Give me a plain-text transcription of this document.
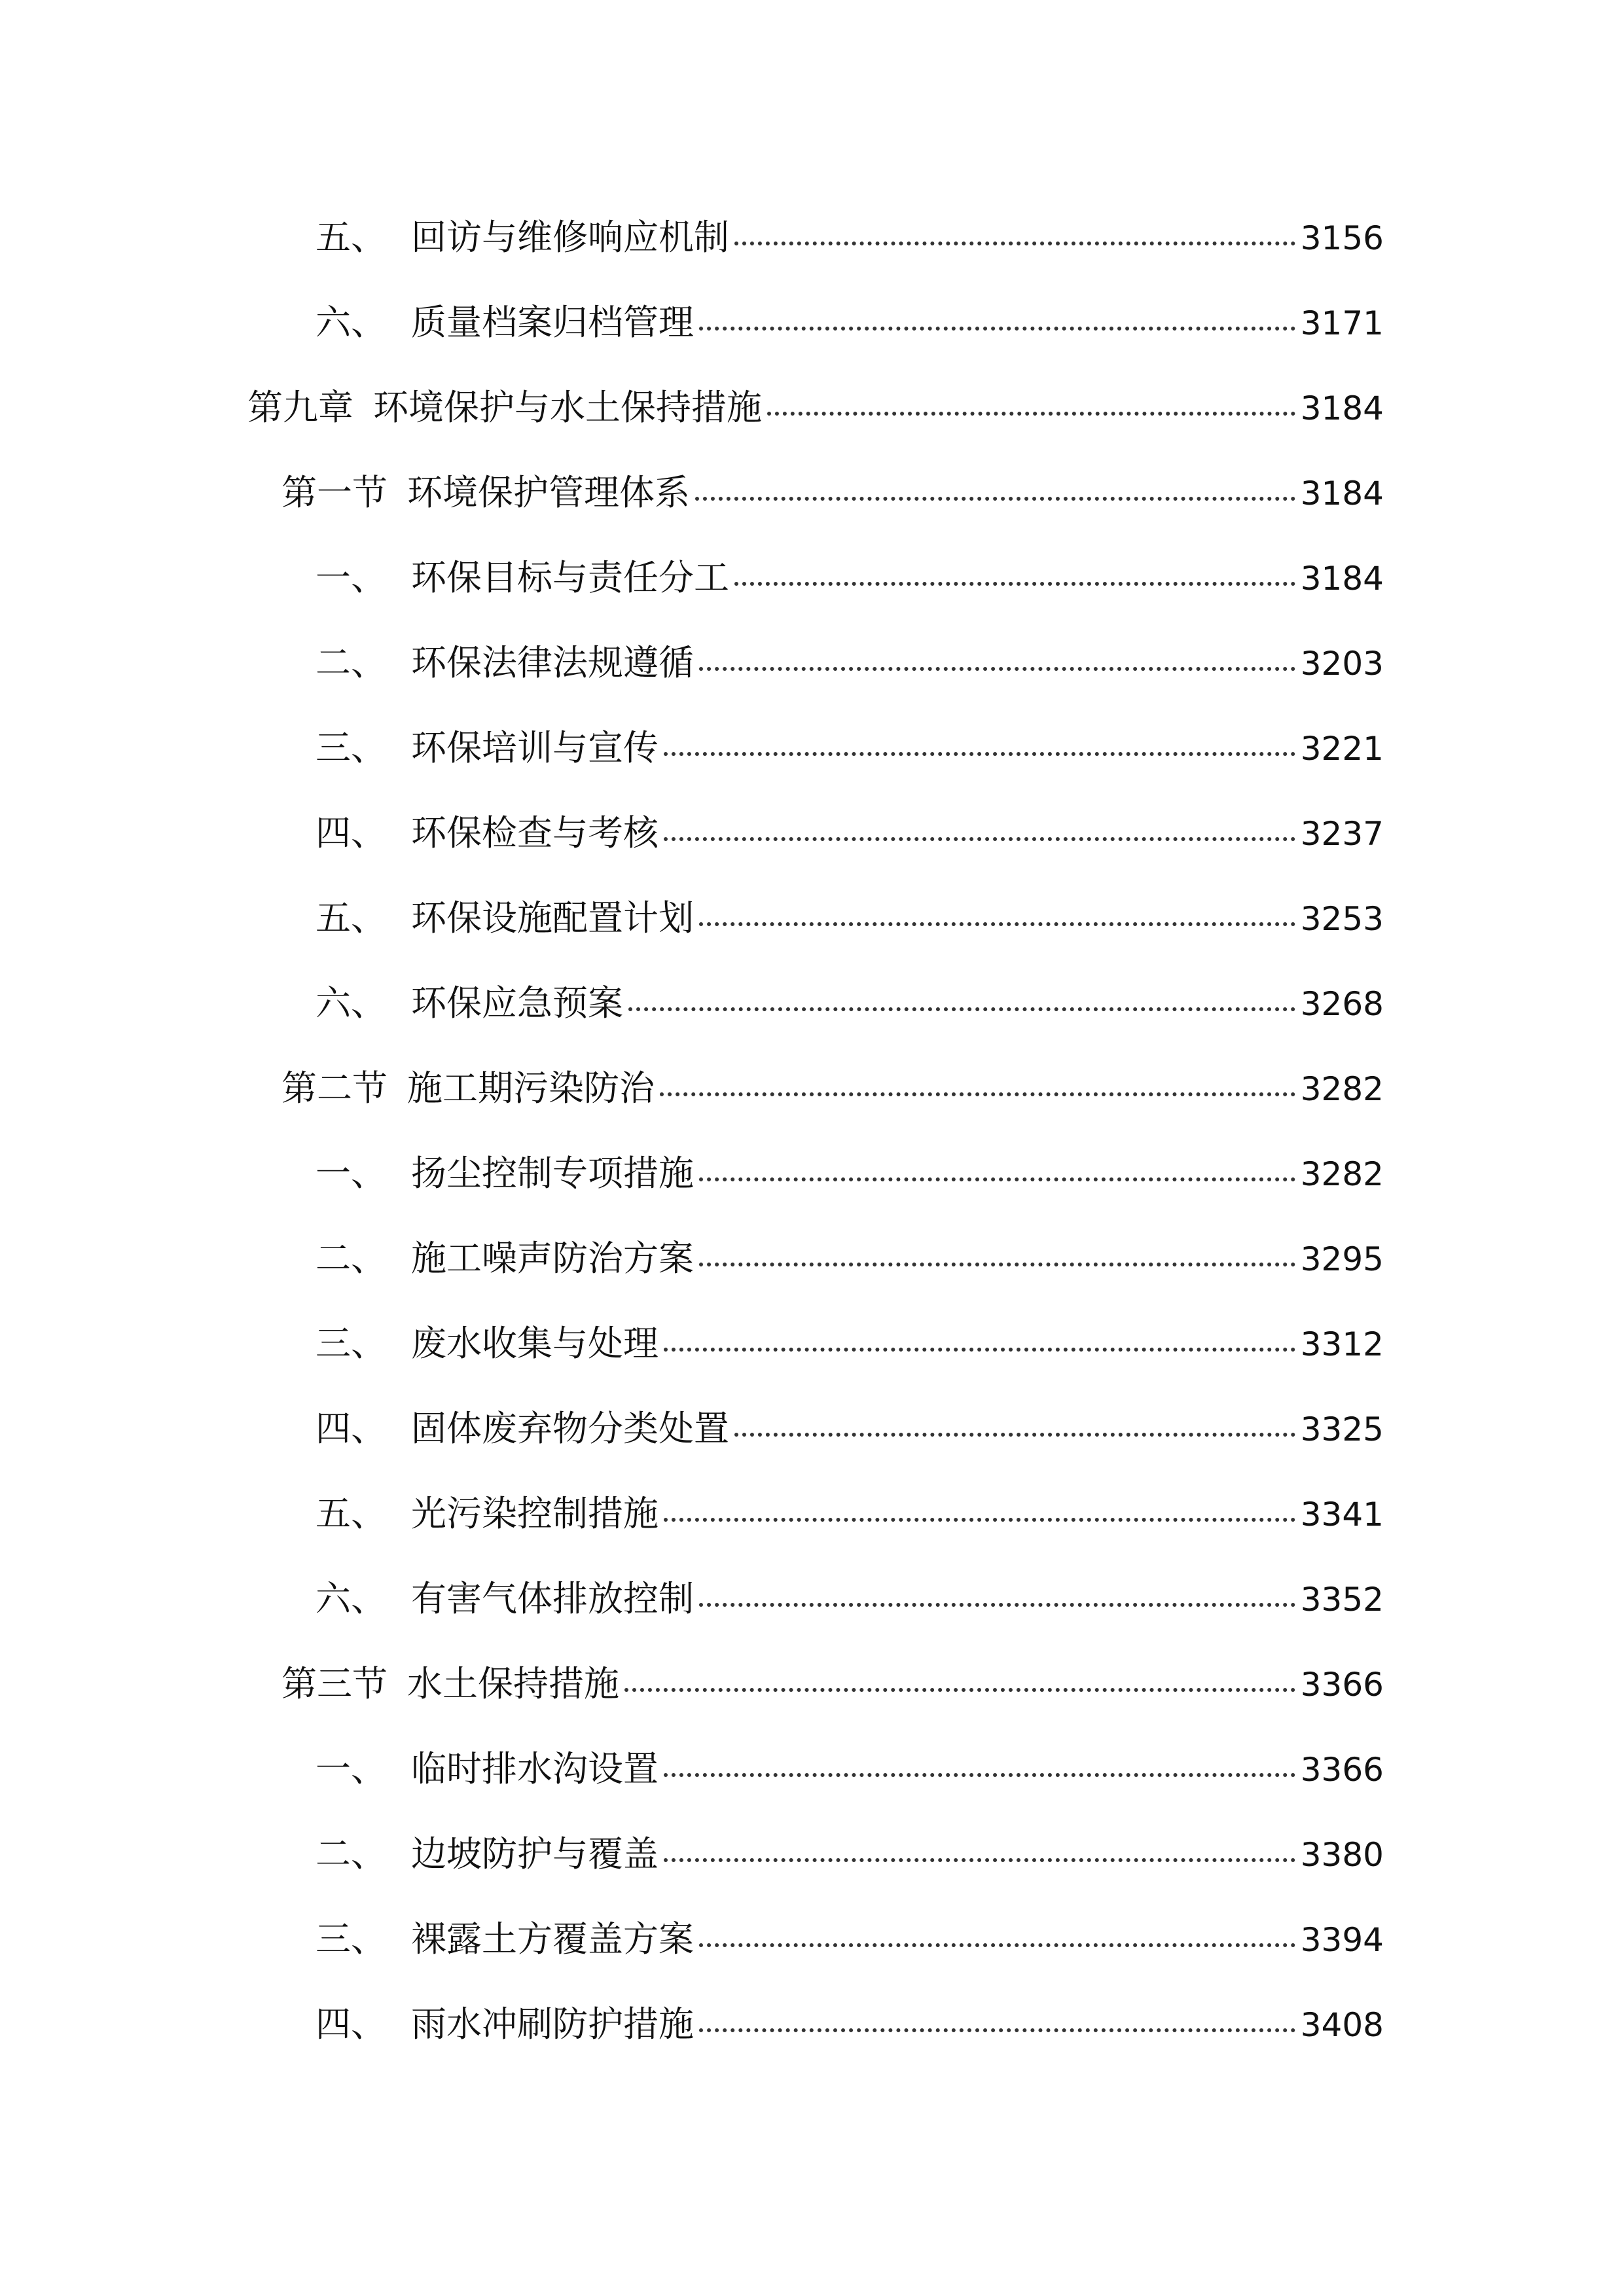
五、 回访与维修响应机制	3156
六、 质量档案归档管理	3171
第九章 环境保护与水土保持措施	3184
第一节 环境保护管理体系	3184
一、 环保目标与责任分工	3184
二、 环保法律法规遵循	3203
三、 环保培训与宣传	3221
四、 环保检查与考核	3237
五、 环保设施配置计划	3253
六、 环保应急预案	3268
第二节 施工期污染防治	3282
一、 扬尘控制专项措施	3282
二、 施工噪声防治方案	3295
三、 废水收集与处理	3312
四、 固体废弃物分类处置	3325
五、 光污染控制措施	3341
六、 有害气体排放控制	3352
第三节 水土保持措施	3366
一、 临时排水沟设置	3366
二、 边坡防护与覆盖	3380
三、 裸露土方覆盖方案	3394
四、 雨水冲刷防护措施	3408
